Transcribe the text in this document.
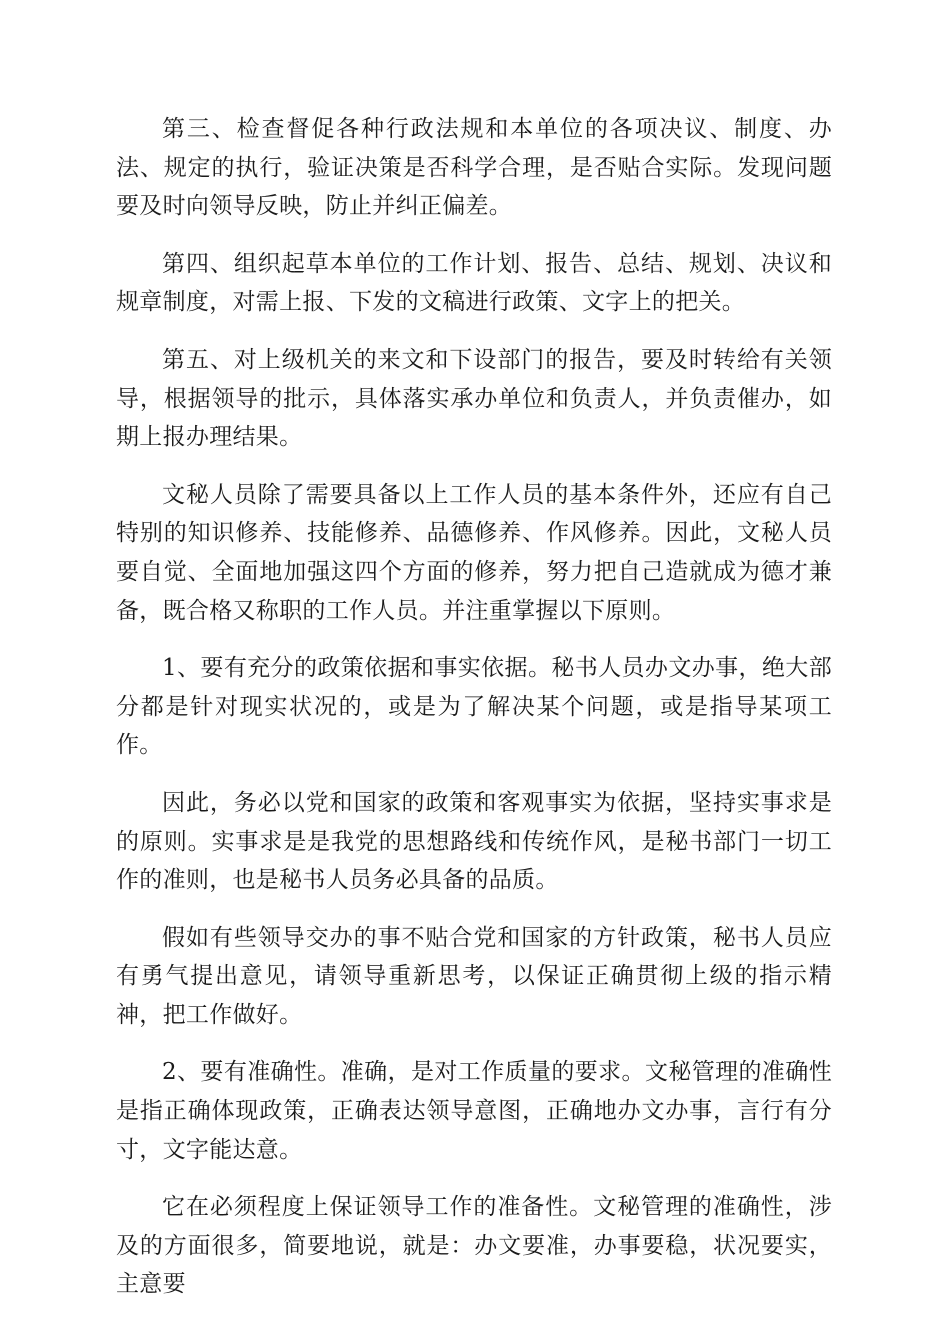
第三、检查督促各种行政法规和本单位的各项决议、制度、办法、规定的执行，验证决策是否科学合理，是否贴合实际。发现问题要及时向领导反映，防止并纠正偏差。

第四、组织起草本单位的工作计划、报告、总结、规划、决议和规章制度，对需上报、下发的文稿进行政策、文字上的把关。

第五、对上级机关的来文和下设部门的报告，要及时转给有关领导，根据领导的批示，具体落实承办单位和负责人，并负责催办，如期上报办理结果。

文秘人员除了需要具备以上工作人员的基本条件外，还应有自己特别的知识修养、技能修养、品德修养、作风修养。因此，文秘人员要自觉、全面地加强这四个方面的修养，努力把自己造就成为德才兼备，既合格又称职的工作人员。并注重掌握以下原则。

1、要有充分的政策依据和事实依据。秘书人员办文办事，绝大部分都是针对现实状况的，或是为了解决某个问题，或是指导某项工作。

因此，务必以党和国家的政策和客观事实为依据，坚持实事求是的原则。实事求是是我党的思想路线和传统作风，是秘书部门一切工作的准则，也是秘书人员务必具备的品质。

假如有些领导交办的事不贴合党和国家的方针政策，秘书人员应有勇气提出意见，请领导重新思考，以保证正确贯彻上级的指示精神，把工作做好。

2、要有准确性。准确，是对工作质量的要求。文秘管理的准确性是指正确体现政策，正确表达领导意图，正确地办文办事，言行有分寸，文字能达意。

它在必须程度上保证领导工作的准备性。文秘管理的准确性，涉及的方面很多，简要地说，就是：办文要准，办事要稳，状况要实，主意要
